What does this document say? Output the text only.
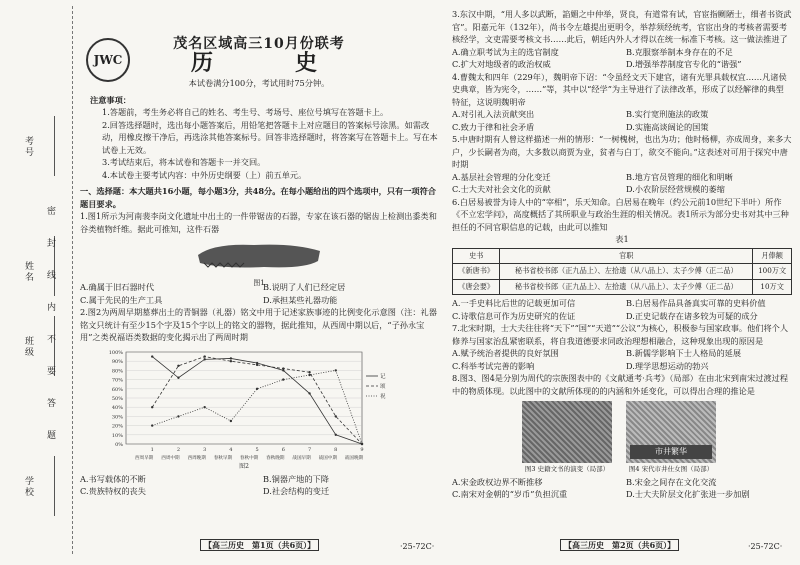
考号
姓名
班级
学校
密
封
线
内
不
要
答
题
JWC
茂名区域高三10月份联考
历　史

本试卷满分100分，考试用时75分钟。

注意事项：

1.答题前，考生务必将自己的姓名、考生号、考场号、座位号填写在答题卡上。

2.回答选择题时，选出每小题答案后，用铅笔把答题卡上对应题目的答案标号涂黑。如需改动，用橡皮擦干净后，再选涂其他答案标号。回答非选择题时，将答案写在答题卡上。写在本试卷上无效。

3.考试结束后，将本试卷和答题卡一并交回。

4.本试卷主要考试内容：中外历史纲要（上）前五单元。

一、选择题：本大题共16小题，每小题3分，共48分。在每小题给出的四个选项中，只有一项符合题目要求。

1.图1所示为河南裴李岗文化遗址中出土的一件带锯齿的石器，专家在该石器的锯齿上检测出黍类和谷类植物纤维。据此可推知，这件石器

图1
A.确属于旧石器时代	B.说明了人们已经定居
C.属于先民的生产工具	D.承担某些礼器功能

2.图2为两周早期墓葬出土的青铜器（礼器）铭文中用于记述家族事迹的比例变化示意图（注：礼器铭文只统计有至少15个字及15个字以上的铭文的器物，据此推知，从西周中期以后，“子孙永宝用”之类祝福语类数据的变化揭示出了两周时期

0%
10%
20%
30%
40%
50%
60%
70%
80%
90%
100%
1
西周早期
2
西周中期
3
西周晚期
4
春秋早期
5
春秋中期
6
春秋晚期
7
战国早期
8
战国中期
9
战国晚期
图2
记
颂
祝
A.书写载体的不断	B.铜器产地的下降
C.贵族特权的丧失	D.社会结构的变迁
【高三历史　第1页（共6页）】	·25-72C·

3.东汉中期，“用人多以武断，諂媚之中仲举，贤良，有道常有试，官宦指劂陋士，细者书资武官”。阳嘉元年（132年），尚书令左雄提出更明令，举荐须经统考，官宦出身的考核者需要考核经学，文吏需要考核文书……此后，朝廷内外人才得以在统一标准下考核。这一做法推进了

A.确立职考试为主的选官制度	B.克服察举制本身存在的不足
C.扩大对地级者的政治权威	D.增强举荐制度官专化的“谐强”

4.曹魏太和四年（229年），魏明帝下诏：“令虽经文天下建官，诸有光罪具载权宜……凡诸侯史典章，皆为宪令，……”等，其中以“经学”为主导进行了法律改革，形成了以经解律的典型特征，这说明魏明帝

A.对引礼入法贡献突出	B.实行宽刑施法的政策
C.致力于律和社会矛盾	D.实施高谈阔论的国策

5.中唐时期有人曾这样描述一州的情形：“一树槐树，也出为功；他时杨柳，亦成周身，来多大户，少长嗣者为商，大多数以商贾为业，贫者与白丁，欲交不能向。”这表述对可用于探究中唐时期

A.基层社会管理的分化变迁	B.地方官员管理的细化和明晰
C.士大夫对社会文化的贡献	D.小农阶层经营规模的萎缩

6.白居易被誉为诗人中的“宰相”，乐天知命。白居易在晚年（约公元前10世纪下半叶）所作《不立宏学问》，高度概括了其所职业与政治生涯的相关情况。表1所示为部分史书对其中三种担任的不同官职信息的记载，由此可以推知

表1

史书	官职	月俸额
《新唐书》	秘书省校书郎（正九品上）、左拾遗（从八品上）、太子少傅（正二品）	100万文
《唐会要》	秘书省校书郎（正九品上）、左拾遗（从八品上）、太子少傅（正二品）	10万文
A.一手史料比后世的记载更加可信	B.白居易作品具备真实可靠的史料价值
C.诗歌信息可作为历史研究的佐证	D.正史记载存在诸多较为可疑的成分

7.北宋时期，士大夫往往将“天下”“国”“天道”“公议”为核心，积极参与国家政事。他们将个人修养与国家治乱紧密联系，将自我道德要求同政治理想相融合，这种现象出现的原因是

A.赋予统治者提供的良好氛围	B.新儒学影响下士人格局的延展
C.科举考试完善的影响	D.理学思想运动的勃兴

8.图3、图4是分别为周代的宗族图表中的《文献通考·兵考》（局部）在由北宋到南宋过渡过程中的物质体现。以此图中的文献所体现的的内涵和外延变化，可以得出合理的推论是

图3 史籍文书的演变（局部）
市井繁华
图4 宋代市井仕女图（局部）
A.宋金政权边界不断推移	B.宋金之间存在文化交流
C.南宋对金朝的“岁币”负担沉重	D.士大夫阶层文化扩张进一步加剧
【高三历史　第2页（共6页）】	·25-72C·
